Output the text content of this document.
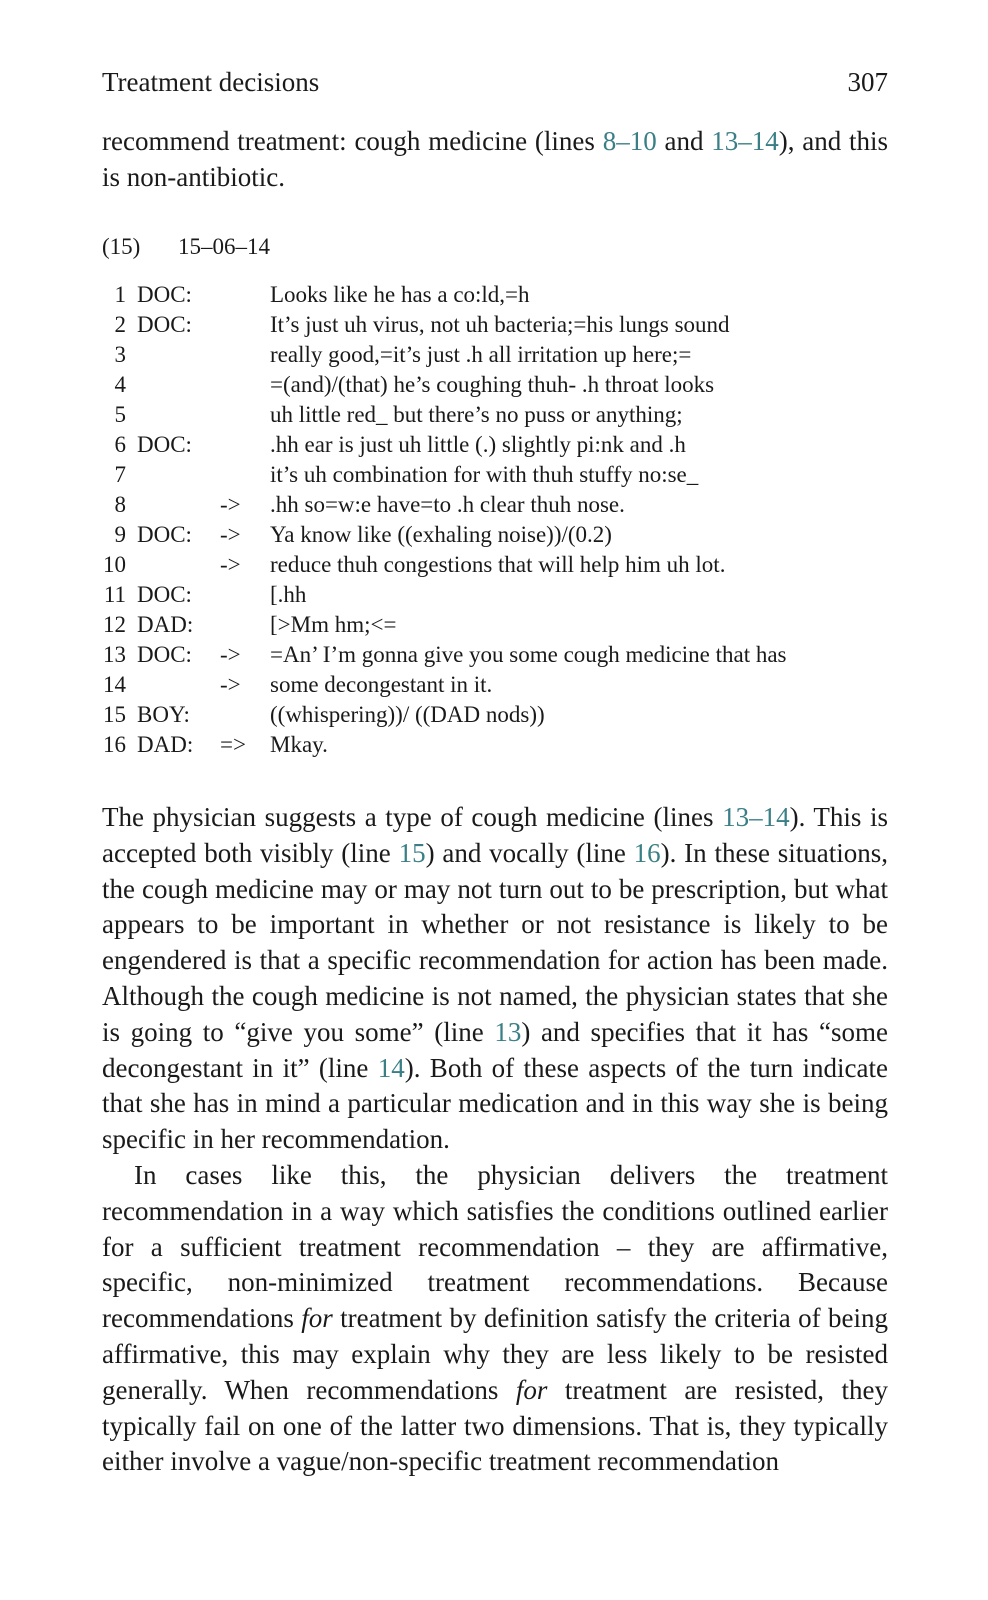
Treatment decisions	307
recommend treatment: cough medicine (lines 8–10 and 13–14), and this is non-antibiotic.
(15) 15–06–14
1 DOC:	Looks like he has a co:ld,=h
2 DOC:	It’s just uh virus, not uh bacteria;=his lungs sound
3	really good,=it’s just .h all irritation up here;=
4	=(and)/(that) he’s coughing thuh- .h throat looks
5	uh little red_ but there’s no puss or anything;
6 DOC:	.hh ear is just uh little (.) slightly pi:nk and .h
7	it’s uh combination for with thuh stuffy no:se_
8	-> .hh so=w:e have=to .h clear thuh nose.
9 DOC: -> Ya know like ((exhaling noise))/(0.2)
10	-> reduce thuh congestions that will help him uh lot.
11 DOC:	[.hh
12 DAD:	[>Mm hm;<=
13 DOC: -> =An’ I’m gonna give you some cough medicine that has
14	-> some decongestant in it.
15 BOY:	((whispering))/ ((DAD nods))
16 DAD: => Mkay.

The physician suggests a type of cough medicine (lines 13–14). This is accepted both visibly (line 15) and vocally (line 16). In these situations, the cough medicine may or may not turn out to be prescription, but what appears to be important in whether or not resistance is likely to be engendered is that a specific recommendation for action has been made. Although the cough medicine is not named, the physician states that she is going to “give you some” (line 13) and specifies that it has “some decongestant in it” (line 14). Both of these aspects of the turn indicate that she has in mind a particular medication and in this way she is being specific in her recommendation.

In cases like this, the physician delivers the treatment recommendation in a way which satisfies the conditions outlined earlier for a sufficient treatment recommendation – they are affirmative, specific, non-minimized treatment recommendations. Because recommendations for treatment by definition satisfy the criteria of being affirmative, this may explain why they are less likely to be resisted generally. When recommendations for treatment are resisted, they typically fail on one of the latter two dimensions. That is, they typically either involve a vague/non-specific treatment recommendation
